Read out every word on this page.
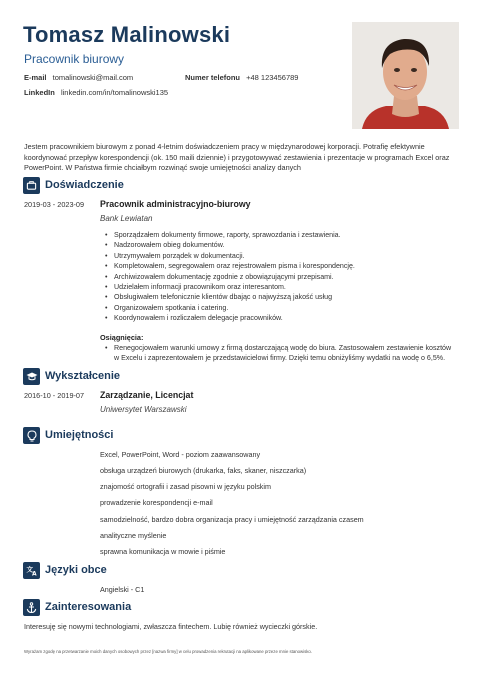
Tomasz Malinowski
Pracownik biurowy
E-mail tomalinowski@mail.com	Numer telefonu +48 123456789
LinkedIn linkedin.com/in/tomalinowski135
Jestem pracownikiem biurowym z ponad 4-letnim doświadczeniem pracy w międzynarodowej korporacji. Potrafię efektywnie koordynować przepływ korespondencji (ok. 150 maili dziennie) i przygotowywać zestawienia i prezentacje w programach Excel oraz PowerPoint. W Państwa firmie chciałbym rozwinąć swoje umiejętności analizy danych
Doświadczenie
2019-03 - 2023-09 Pracownik administracyjno-biurowy
Bank Lewiatan
• Sporządzałem dokumenty firmowe, raporty, sprawozdania i zestawienia.
• Nadzorowałem obieg dokumentów.
• Utrzymywałem porządek w dokumentacji.
• Kompletowałem, segregowałem oraz rejestrowałem pisma i korespondencję.
• Archiwizowałem dokumentację zgodnie z obowiązującymi przepisami.
• Udzielałem informacji pracownikom oraz interesantom.
• Obsługiwałem telefonicznie klientów dbając o najwyższą jakość usług
• Organizowałem spotkania i catering.
• Koordynowałem i rozliczałem delegacje pracowników.
Osiągnięcia:
• Renegocjowałem warunki umowy z firmą dostarczającą wodę do biura. Zastosowałem zestawienie kosztów
w Excelu i zaprezentowałem je przedstawicielowi firmy. Dzięki temu obniżyliśmy wydatki na wodę o 6,5%.
Wykształcenie
2016-10 - 2019-07 Zarządzanie, Licencjat
Uniwersytet Warszawski
Umiejętności
Excel, PowerPoint, Word - poziom zaawansowany
obsługa urządzeń biurowych (drukarka, faks, skaner, niszczarka)
znajomość ortografii i zasad pisowni w języku polskim
prowadzenie korespondencji e-mail
samodzielność, bardzo dobra organizacja pracy i umiejętność zarządzania czasem
analityczne myślenie
sprawna komunikacja w mowie i piśmie
文
A Języki obce
Angielski - C1
Zainteresowania
Interesuję się nowymi technologiami, zwłaszcza fintechem. Lubię również wycieczki górskie.
Wyrażam zgodę na przetwarzanie moich danych osobowych przez [nazwa firmy] w celu prowadzenia rekrutacji na aplikowane przeze mnie stanowisko.
